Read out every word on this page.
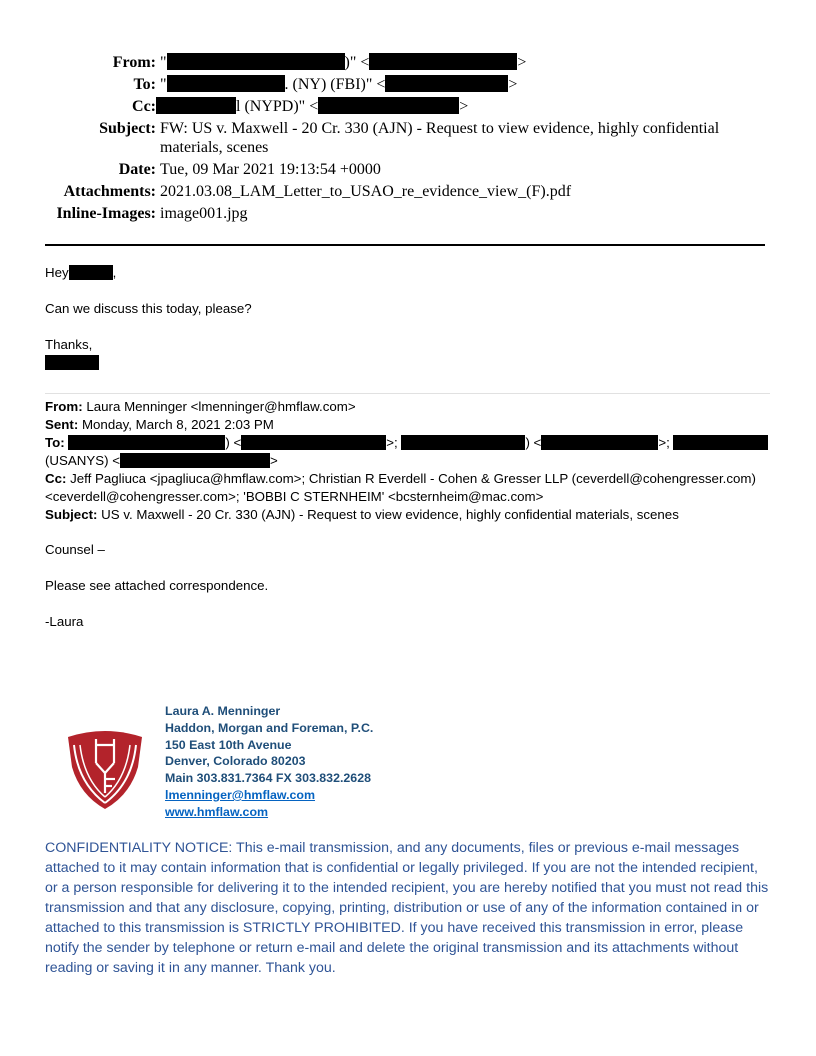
From: "	)" <	>
To: "	. (NY) (FBI)" <	>
Cc:	l (NYPD)" <	>
Subject: FW: US v. Maxwell - 20 Cr. 330 (AJN) - Request to view evidence, highly confidential materials, scenes
Date: Tue, 09 Mar 2021 19:13:54 +0000
Attachments: 2021.03.08_LAM_Letter_to_USAO_re_evidence_view_(F).pdf
Inline-Images: image001.jpg

Hey	,

Can we discuss this today, please?

Thanks,

From: Laura Menninger <lmenninger@hmflaw.com>
Sent: Monday, March 8, 2021 2:03 PM
To:	) <	>;	) <	>;
(USANYS) <	>
Cc: Jeff Pagliuca <jpagliuca@hmflaw.com>; Christian R Everdell - Cohen & Gresser LLP (ceverdell@cohengresser.com) <ceverdell@cohengresser.com>; 'BOBBI C STERNHEIM' <bcsternheim@mac.com>
Subject: US v. Maxwell - 20 Cr. 330 (AJN) - Request to view evidence, highly confidential materials, scenes

Counsel –

Please see attached correspondence.

-Laura

Laura A. Menninger
Haddon, Morgan and Foreman, P.C.
150 East 10th Avenue
Denver, Colorado 80203
Main 303.831.7364 FX 303.832.2628
lmenninger@hmflaw.com
www.hmflaw.com
CONFIDENTIALITY NOTICE: This e-mail transmission, and any documents, files or previous e-mail messages attached to it may contain information that is confidential or legally privileged. If you are not the intended recipient, or a person responsible for delivering it to the intended recipient, you are hereby notified that you must not read this transmission and that any disclosure, copying, printing, distribution or use of any of the information contained in or attached to this transmission is STRICTLY PROHIBITED. If you have received this transmission in error, please notify the sender by telephone or return e-mail and delete the original transmission and its attachments without reading or saving it in any manner. Thank you.
